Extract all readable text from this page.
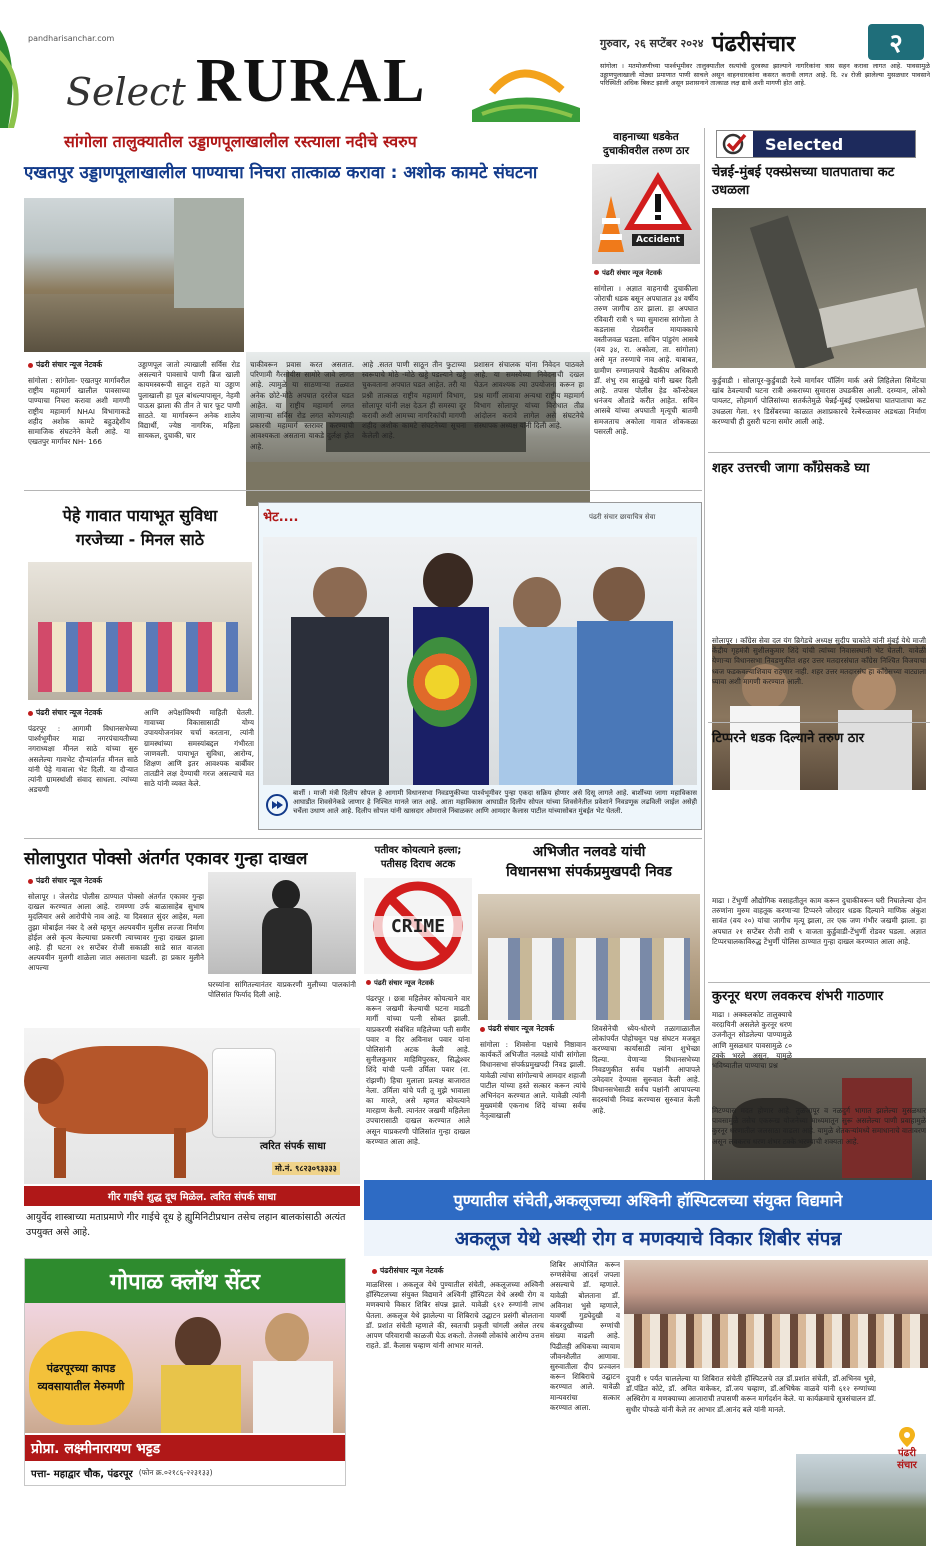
pandharisanchar.com
Select RURAL
गुरुवार, २६ सप्टेंबर २०२४ पंढरीसंचार	२
सांगोला । मतमोजणीच्या पार्श्वभूमीवर तालुक्यातील रस्त्यांची दुरवस्था झाल्याने नागरिकांना त्रास सहन करावा लागत आहे. पावसामुळे उड्डाणपुलाखाली मोठ्या प्रमाणात पाणी साचले असून वाहनधारकांना कसरत करावी लागत आहे. दि. २४ रोजी झालेल्या मुसळधार पावसाने परिस्थिती अधिक बिकट झाली असून प्रशासनाने तात्काळ लक्ष द्यावे अशी मागणी होत आहे.
सांगोला तालुक्यातील उड्डाणपूलाखालील रस्त्याला नदीचे स्वरुप
एखतपुर उड्डाणपूलाखालील पाण्याचा निचरा तात्काळ करावा : अशोक कामटे संघटना
पंढरी संचार न्यूज नेटवर्क
सांगोला : सांगोला- एखतपुर मार्गावरील राष्ट्रीय महामार्ग खालील पावसाच्या पाण्याचा निचरा करावा अशी मागणी राष्ट्रीय महामार्ग NHAI विभागाकडे शहीद अशोक कामटे बहुउद्देशीय सामाजिक संघटनेने केली आहे. या एखतपुर मार्गावर NH- 166
उड्डाणपूल जातो त्याखाली सर्विस रोड असल्याने पावसाचे पाणी ब्रिज खाली कायमस्वरूपी साठून राहते या उड्डाण पुलाखाली हा पूल बांधल्यापासून, नेहमी पाऊस झाला की तीन ते चार फूट पाणी साठते. या मार्गावरून अनेक शालेय विद्यार्थी, ज्येष्ठ नागरिक, महिला सायकल, दुचाकी, चार
चाकीवरून प्रवास करत असतात. परिणामी गैरसोयीस सामोरे जावे लागत आहे. त्यामुळे या साठणाऱ्या तळ्यात अनेक छोटे-मोठे अपघात दररोज घडत आहेत. या राष्ट्रीय महामार्ग लगत जाणाऱ्या सर्विस रोड लगत कोणत्याही प्रकारची महामार्ग स्तरावर करण्याची आवश्यकता असताना याकडे दुर्लक्ष होत आहे.
आहे .सतत पाणी साठून तीन फुटाच्या स्वरूपाचे मोठे -मोठे खड्डे पडल्याने खड्डे चुकवताना अपघात घडत आहेत. तरी या प्रश्नी तात्काळ राष्ट्रीय महामार्ग विभाग, सोलापूर यांनी लक्ष देऊन ही समस्या दूर करावी अशी आमच्या नागरिकांची मागणी शहीद अशोक कामटे संघटनेच्या सूचना केलेली आहे.
प्रशासन संचालक यांना निवेदन पाठवले आहे. या समस्येच्या निवेदनाची दखल घेऊन आवश्यक त्या उपयोजना करून हा प्रश्न मार्गी लावावा अन्यथा राष्ट्रीय महामार्ग विभाग सोलापूर यांच्या विरोधात तीव्र आंदोलन करावे लागेल असे संघटनेचे संस्थापक अध्यक्ष यांनी दिली आहे.
वाहनाच्या धडकेत
दुचाकीवरील तरुण ठार
Accident
पंढरी संचार न्यूज नेटवर्क
सांगोला । अज्ञात वाहनाची दुचाकीला जोराची धडक बसून अपघातात ३४ वर्षीय तरुण जागीच ठार झाला. हा अपघात रविवारी रात्री ९ च्या सुमारास सांगोला ते कडलास रोडवरील मायाक्काचे वस्तीजवळ घडला. सचिन पांडुरंग आसबे (वय ३४, रा. अकोला, ता. सांगोला) असे मृत तरुणाचे नाव आहे. याबाबत, ग्रामीण रुग्णालयाचे वैद्यकीय अधिकारी डॉ. शंभु राव साळुंखे यांनी खबर दिली आहे. तपास पोलीस हेड कॉन्स्टेबल धनंजय औताडे करीत आहेत. सचिन आसबे यांच्या अपघाती मृत्यूची बातमी समजताच अकोला गावात शोककळा पसरली आहे.
Selected
चेन्नई-मुंबई एक्स्प्रेसच्या घातपाताचा कट उधळला
कुर्डुवाडी । सोलापूर-कुर्डुवाडी रेल्वे मार्गावर पॉलिंग मार्क असे लिहिलेला सिमेंटचा खांब ठेवल्याची घटना रात्री अकराच्या सुमारास उघडकीस आली. दरम्यान, लोको पायलट, लोहमार्ग पोलिसांच्या सतर्कतेमुळे चेन्नई-मुंबई एक्स्प्रेसचा घातपाताचा कट उधळला गेला. १९ डिसेंबरच्या काळात अशाप्रकारचे रेल्वेरुळावर अडथळा निर्माण करण्याची ही दुसरी घटना समोर आली आहे.
शहर उत्तरची जागा काँग्रेसकडे घ्या
सोलापूर । काँग्रेस सेवा दल यंग ब्रिगेडचे अध्यक्ष सुदीप चाकोते यांनी मुंबई येथे माजी केंद्रीय गृहमंत्री सुशीलकुमार शिंदे यांची त्यांच्या निवासस्थानी भेट घेतली. यावेळी येणाऱ्या विधानसभा निवडणुकीत शहर उत्तर मतदारसंघात काँग्रेस निश्चित विजयाचा ध्वज फडकवल्याशिवाय राहणार नाही. शहर उत्तर मतदारसंघ हा काँग्रेसच्या वाट्याला घ्यावा अशी मागणी करण्यात आली.
टिप्परने धडक दिल्याने तरुण ठार
माढा । टेंभुर्णी औद्योगिक वसाहतीतून काम करून दुचाकीवरून घरी निघालेल्या दोन तरुणांना मुरुम वाहतूक करणाऱ्या टिप्परने जोरदार धडक दिल्याने माणिक अंकुश सावंत (वय २०) यांचा जागीच मृत्यू झाला, तर एक जण गंभीर जखमी झाला. हा अपघात २१ सप्टेंबर रोजी रात्री ९ वाजता कुर्डुवाडी-टेंभुर्णी रोडवर घडला. अज्ञात टिप्परचालकाविरुद्ध टेंभुर्णी पोलिस ठाण्यात गुन्हा दाखल करण्यात आला आहे.
कुरनूर धरण लवकरच शंभरी गाठणार
माढा । अक्कलकोट तालुक्याचे वरदायिनी असलेले कुरनूर धरण उजनीतून सोडलेल्या पाण्यामुळे आणि मुसळधार पावसामुळे ८० टक्के भरले असून, यामुळे भविष्यातील पाण्याचा प्रश्न
मिटण्यास मदत होणार आहे. तुळजापूर व नळदुर्ग भागात झालेल्या मुसळधार पावसामुळे तसेच एकरूख योजनेच्या माध्यमातून सुरू असलेल्या पाणी प्रवाहामुळे कुरनूर धरणातील जलसाठा वाढला आहे. यामुळे शेतकऱ्यांमध्ये समाधानाचे वातावरण असून लवकरच धरण शंभर टक्के भरण्याची शक्यता आहे.
पेहे गावात पायाभूत सुविधा
गरजेच्या - मिनल साठे
पंढरी संचार न्यूज नेटवर्क
पंढरपूर : आगामी विधानसभेच्या पार्श्वभूमीवर माढा नगरपंचायतीच्या नगराध्यक्षा मीनल साठे यांच्या सुरु असलेल्या गावभेट दौऱ्यांतर्गत मीनल साठे यांनी पेहे गावाला भेट दिली. या दौऱ्यात त्यांनी ग्रामस्थांशी संवाद साधला. त्यांच्या अडचणी
आणि अपेक्षांविषयी माहिती घेतली. गावाच्या विकासासाठी योग्य उपाययोजनांवर चर्चा करताना, त्यांनी ग्रामस्थांच्या समस्यांबद्दल गंभीरता जाणवली. पायाभूत सुविधा, आरोग्य, शिक्षण आणि इतर आवश्यक बाबींवर तातडीने लक्ष देण्याची गरज असल्याचे मत साठे यांनी व्यक्त केले.
भेट....	पंढरी संचार छायाचित्र सेवा
बार्शी । माजी मंत्री दिलीप सोपल हे आगामी विधानसभा निवडणुकीच्या पार्श्वभूमीवर पुन्हा एकदा सक्रिय होणार असे दिसू लागले आहे. बार्शीच्या जागा महाविकास आघाडीत शिवसेनेकडे जाणार हे निश्चित मानले जात आहे. आता महाविकास आघाडीत दिलीप सोपल यांच्या शिवसेनेतील प्रवेशाने निवडणूक लढविली जाईल असेही चर्चेला उधाण आले आहे. दिलीप सोपल यांनी खासदार ओमराजे निंबाळकर आणि आमदार कैलास पाटील यांच्यासोबत मुंबईत भेट घेतली.
सोलापुरात पोक्सो अंतर्गत एकावर गुन्हा दाखल
पंढरी संचार न्यूज नेटवर्क
सोलापूर । जेलरोड पोलीस ठाण्यात पोक्सो अंतर्गत एकावर गुन्हा दाखल करण्यात आला आहे. रामण्णा उर्फ बाळासाहेब सुभाष मुदलियार असे आरोपीचे नाव आहे. या दिवसात सुंदर आहेस, मला तुझा मोबाईल नंबर दे असे म्हणून अल्पवयीन मुलीस लज्जा निर्माण होईल असे कृत्य केल्याचा प्रकरणी त्याच्यावर गुन्हा दाखल झाला आहे. ही घटना २१ सप्टेंबर रोजी सकाळी साडे सात वाजता अल्पवयीन मुलगी शाळेला जात असताना घडली. हा प्रकार मुलीने आपल्या
घरच्यांना सांगितल्यानंतर याप्रकरणी मुलीच्या पालकांनी पोलिसांत फिर्याद दिली आहे.
पतीवर कोयत्याने हल्ला;
पतीसह दिराच अटक
CRIME
पंढरी संचार न्यूज नेटवर्क
पंढरपूर । छत्रा महिलेवर कोयत्याने वार करून जखमी केल्याची घटना माढती मार्गी यांच्या पत्नी सोबत झाली. याप्रकरणी संबंधित महिलेच्या पती समीर पवार व दिर अविनाश पवार यांना पोलिसांनी अटक केली आहे. सुनीलकुमार माहिमिपुरकर, सिद्धेश्वर शिंदे यांची पत्नी उर्मिला पवार (रा. रांझणी) हिचा मुलाला प्रत्यक्ष बाजारात नेला. उर्मिला यांचे पती तू मुझे भावाला का मारले, असे म्हणत कोयत्याने मारहाण केली. त्यानंतर जखमी महिलेला उपचारासाठी दाखल करण्यात आले असून याप्रकरणी पोलिसांत गुन्हा दाखल करण्यात आला आहे.
अभिजीत नलवडे यांची
विधानसभा संपर्कप्रमुखपदी निवड
पंढरी संचार न्यूज नेटवर्क
सांगोला : शिवसेना पक्षाचे निष्ठावान कार्यकर्ते अभिजीत नलवडे यांची सांगोला विधानसभा संपर्कप्रमुखपदी निवड झाली. यावेळी त्यांचा सांगोल्याचे आमदार शहाजी पाटील यांच्या हस्ते सत्कार करून त्यांचे अभिनंदन करण्यात आले. यावेळी त्यांनी मुख्यमंत्री एकनाथ शिंदे यांच्या सर्वच नेतृत्वाखाली
शिवसेनेची ध्येय-धोरणे तळागाळातील लोकांपर्यंत पोहोचवून पक्ष संघटन मजबूत करण्याचा कार्यासाठी त्यांना शुभेच्छा दिल्या. येणाऱ्या विधानसभेच्या निवडणुकीत सर्वच पक्षांनी आपापले उमेदवार देण्यास सुरुवात केली आहे. विधानसभेसाठी सर्वच पक्षांनी आपापल्या सदस्यांची निवड करण्यास सुरुवात केली आहे.
त्वरित संपर्क साधा
मो.नं. ९८२३०९३३३३
गीर गाईचे शुद्ध दूध मिळेल. त्वरित संपर्क साधा
आयुर्वेद शास्त्राच्या मताप्रमाणे गीर गाईचे दूध हे ह्युमिनिटीप्रधान तसेच लहान बालकांसाठी अत्यंत उपयुक्त असे आहे.
गोपाळ क्लॉथ सेंटर
पंढरपूरच्या कापड व्यवसायातील मेरुमणी
प्रोप्रा. लक्ष्मीनारायण भट्टड
पत्ता- महाद्वार चौक, पंढरपूर (फोन क्र.०२१८६-२२३१३३)
पुण्यातील संचेती,अकलूजच्या अश्विनी हॉस्पिटलच्या संयुक्त विद्यमाने
अकलूज येथे अस्थी रोग व मणक्याचे विकार शिबीर संपन्न
पंढरीसंचार न्यूज नेटवर्क
माळशिरस । अकलूज येथे पुण्यातील संचेती, अकलूजच्या अश्विनी हॉस्पिटलच्या संयुक्त विद्यमाने अश्विनी हॉस्पिटल येथे अस्थी रोग व मणक्याचे विकार शिबिर संपन्न झाले. यावेळी ६१२ रुग्णांनी लाभ घेतला. अकलूज येथे झालेल्या या शिबिराचे उद्घाटन प्रसंगी बोलताना डॉ. प्रशांत संचेती म्हणाले की, स्वतःची प्रकृती चांगली असेल तरच आपण परिवाराची काळजी घेऊ शकतो. तेजस्वी लोकांचे आरोग्य उत्तम राहते. डॉ. कैलास चव्हाण यांनी आभार मानले.
शिबिर आयोजित करून रुग्णसेवेचा आदर्श जपला असल्याचे डॉ. म्हणाले. यावेळी बोलताना डॉ. अविनाश भुसे म्हणाले, यावर्षी गुडघेदुखी व कंबरदुखीच्या रुग्णांची संख्या वाढली आहे. पिढीतही अधिकचा व्यायाम जीवनशैलीत आणावा. सुरुवातीला दीप प्रज्वलन करून शिबिराचे उद्घाटन करण्यात आले. यावेळी मान्यवरांचा सत्कार करण्यात आला.
दुपारी १ पर्यंत चाललेल्या या शिबिरात संचेती हॉस्पिटलचे तज्ञ डॉ.प्रशांत संचेती, डॉ.अभिनव भुसे, डॉ.पंडित कोटे, डॉ. अमित वाकेकर, डॉ.जय चव्हाण, डॉ.अभिषेक वाळवे यांनी ६१२ रुग्णांच्या अस्थिरोग व मणक्याच्या आजाराची तपासणी करून मार्गदर्शन केले. या कार्यक्रमाचे सूत्रसंचालन डॉ. सुधीर पोफळे यांनी केले तर आभार डॉ.आनंद बले यांनी मानले.
पंढरी
संचार
